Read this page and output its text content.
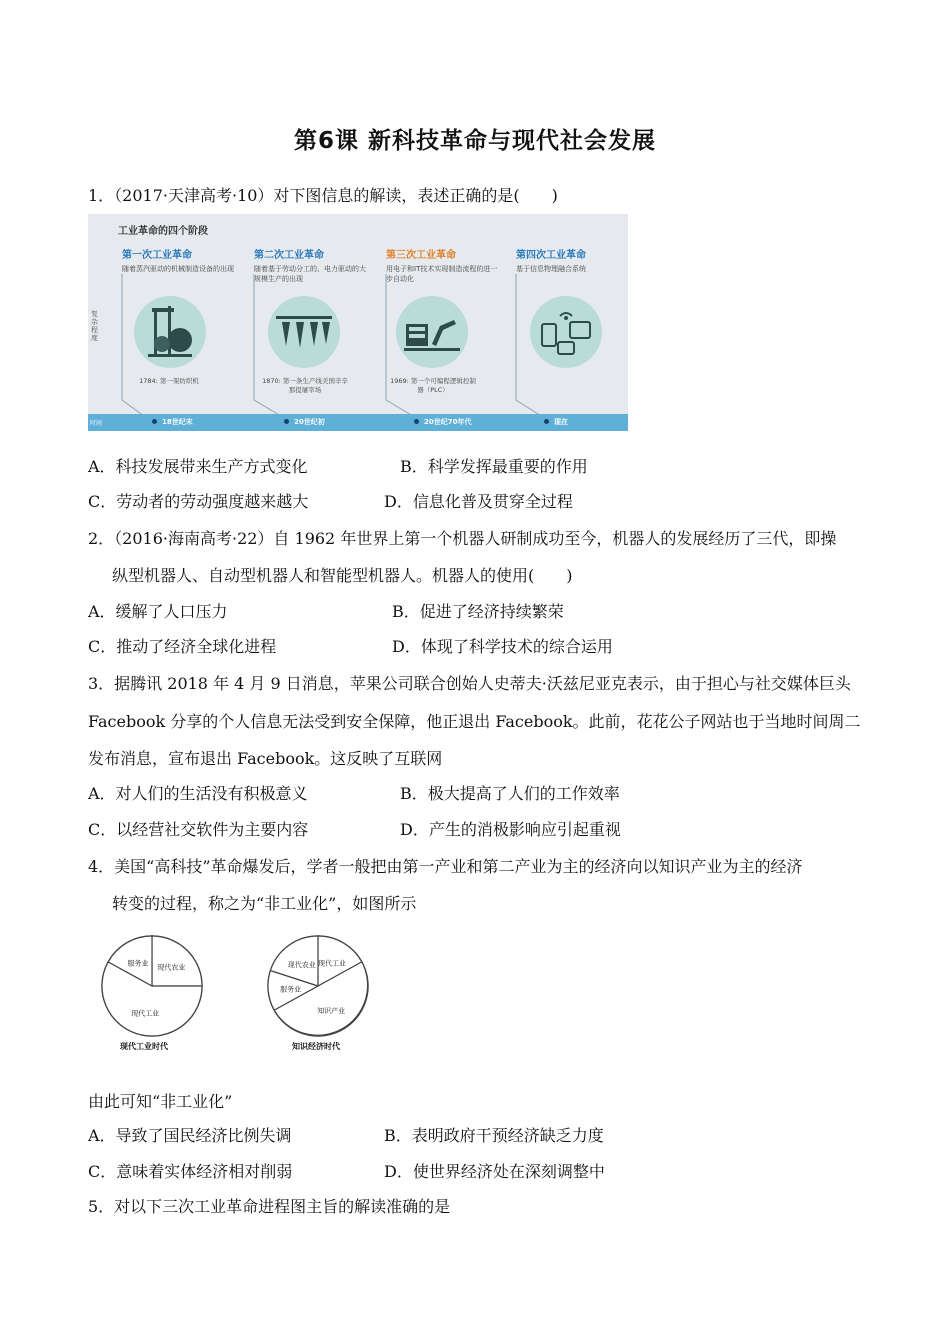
第6课 新科技革命与现代社会发展
1．（2017·天津高考·10）对下图信息的解读，表述正确的是(　　)
工业革命的四个阶段
复杂程度
第一次工业革命
随着蒸汽驱动的机械制造设备的出现
第二次工业革命
随着基于劳动分工的、电力驱动的大规模生产的出现
第三次工业革命
用电子和IT技术实现制造流程的进一步自动化
第四次工业革命
基于信息物理融合系统
1784: 第一架纺织机	1870: 第一条生产线美国辛辛那提屠宰场
1969: 第一个可编程逻辑控制器（PLC）
时间	18世纪末	20世纪初	20世纪70年代	现在
A．科技发展带来生产方式变化	B．科学发挥最重要的作用
C．劳动者的劳动强度越来越大	D．信息化普及贯穿全过程
2．（2016·海南高考·22）自 1962 年世界上第一个机器人研制成功至今，机器人的发展经历了三代，即操
纵型机器人、自动型机器人和智能型机器人。机器人的使用(　　)
A．缓解了人口压力	B．促进了经济持续繁荣
C．推动了经济全球化进程	D．体现了科学技术的综合运用
3．据腾讯 2018 年 4 月 9 日消息，苹果公司联合创始人史蒂夫·沃兹尼亚克表示，由于担心与社交媒体巨头
Facebook 分享的个人信息无法受到安全保障，他正退出 Facebook。此前，花花公子网站也于当地时间周二
发布消息，宣布退出 Facebook。这反映了互联网
A．对人们的生活没有积极意义	B．极大提高了人们的工作效率
C．以经营社交软件为主要内容	D．产生的消极影响应引起重视
4．美国“高科技”革命爆发后，学者一般把由第一产业和第二产业为主的经济向以知识产业为主的经济
转变的过程，称之为“非工业化”，如图所示
现代农业
现代工业
服务业
现代工业时代
现代工业
知识产业
服务业
现代农业
知识经济时代
由此可知“非工业化”
A．导致了国民经济比例失调	B．表明政府干预经济缺乏力度
C．意味着实体经济相对削弱	D．使世界经济处在深刻调整中
5．对以下三次工业革命进程图主旨的解读准确的是
